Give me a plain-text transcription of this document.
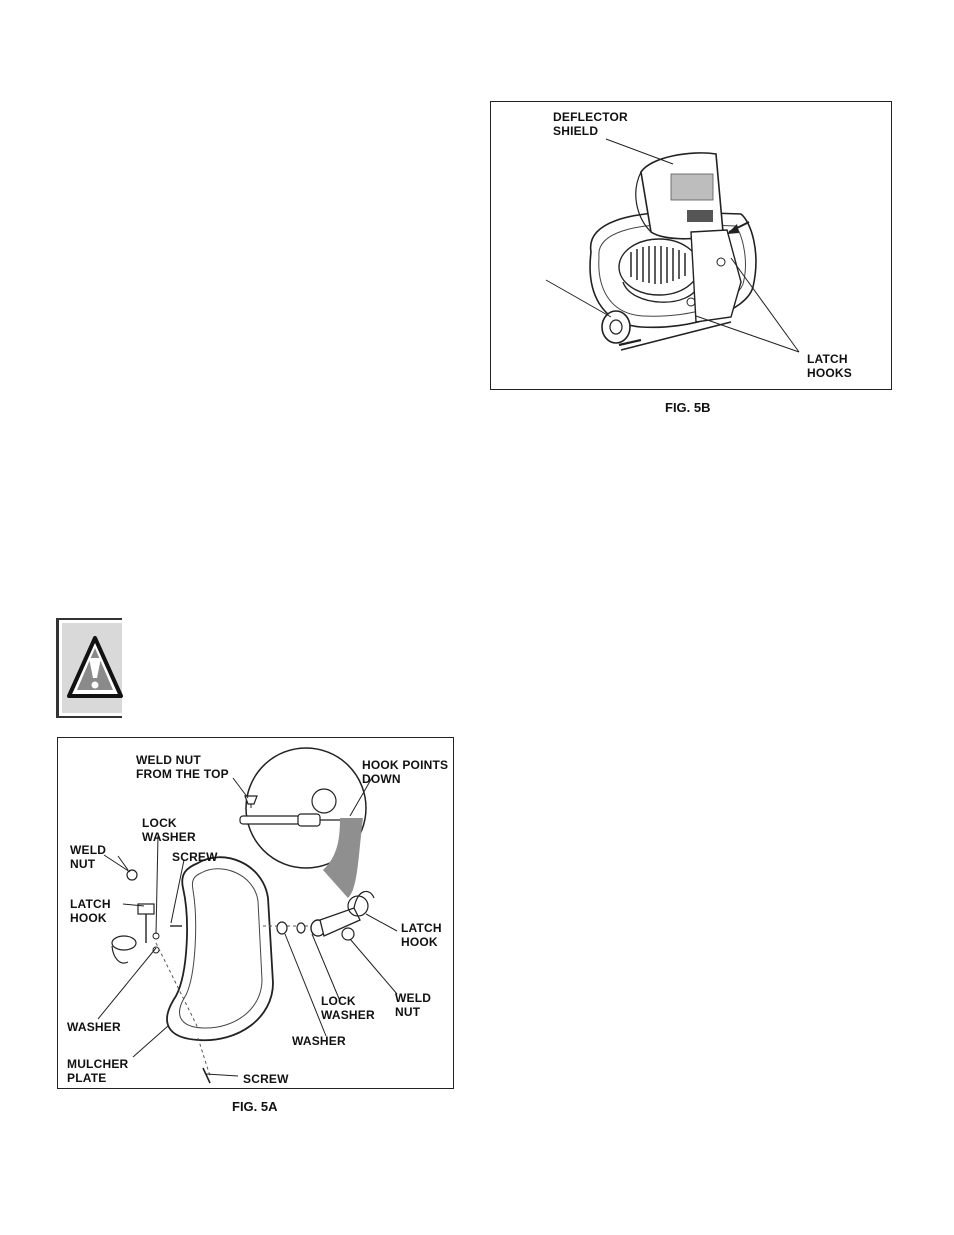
DEFLECTOR
SHIELD
LATCH
HOOKS
FIG. 5B
WELD NUT
FROM THE TOP
HOOK POINTS
DOWN
LOCK
WASHER
SCREW
WELD
NUT
LATCH
HOOK
LATCH
HOOK
WASHER
LOCK
WASHER
WELD
NUT
WASHER
MULCHER
PLATE	SCREW
FIG. 5A
